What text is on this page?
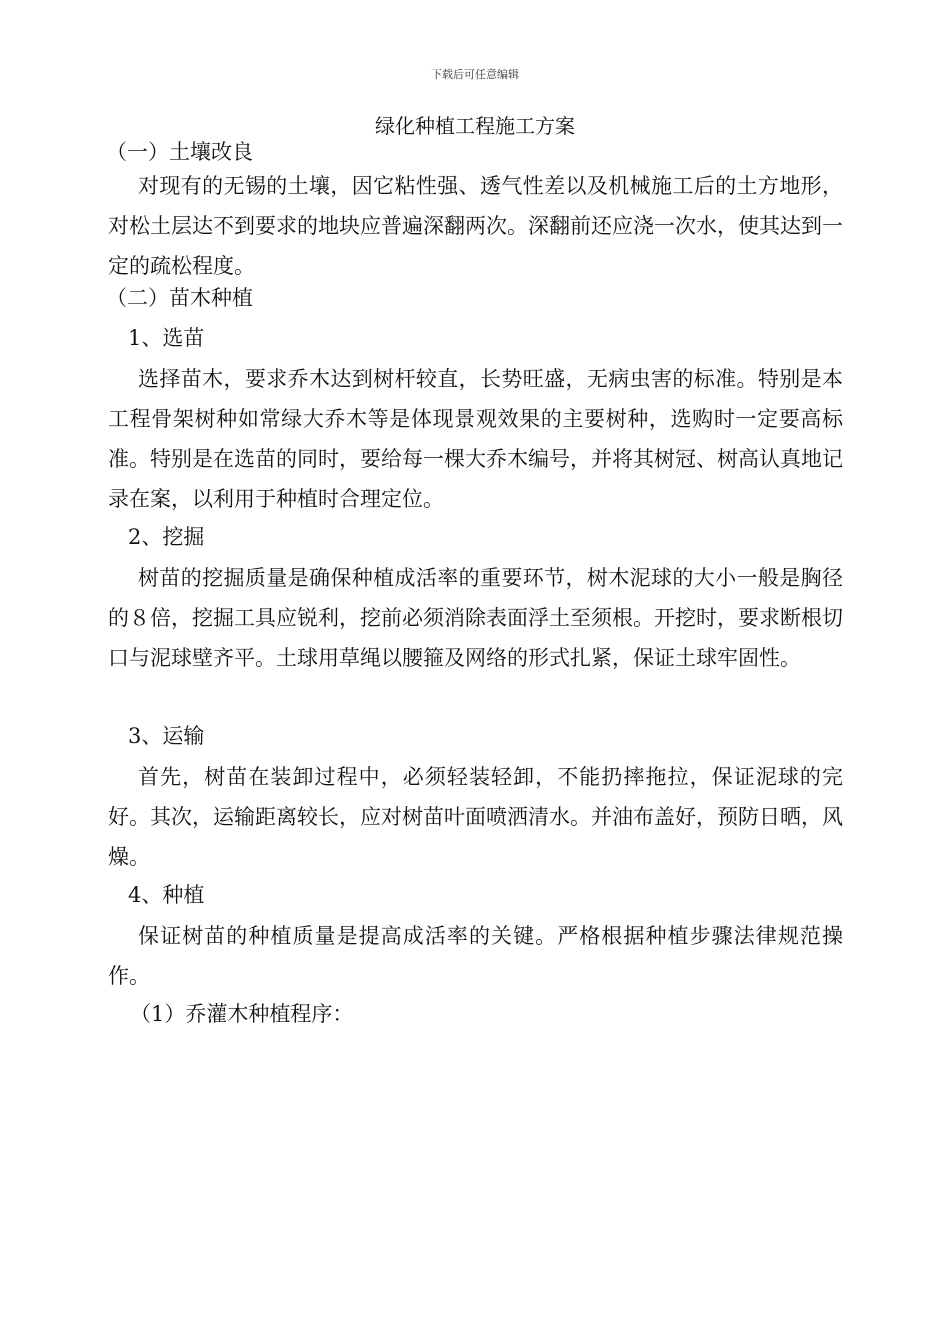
下载后可任意编辑
绿化种植工程施工方案
（一）土壤改良
对现有的无锡的土壤，因它粘性强、透气性差以及机械施工后的土方地形，对松土层达不到要求的地块应普遍深翻两次。深翻前还应浇一次水，使其达到一定的疏松程度。
（二）苗木种植
1、选苗
选择苗木，要求乔木达到树杆较直，长势旺盛，无病虫害的标准。特别是本工程骨架树种如常绿大乔木等是体现景观效果的主要树种，选购时一定要高标准。特别是在选苗的同时，要给每一棵大乔木编号，并将其树冠、树高认真地记录在案，以利用于种植时合理定位。
2、挖掘
树苗的挖掘质量是确保种植成活率的重要环节，树木泥球的大小一般是胸径的８倍，挖掘工具应锐利，挖前必须消除表面浮土至须根。开挖时，要求断根切口与泥球壁齐平。土球用草绳以腰箍及网络的形式扎紧，保证土球牢固性。
3、运输
首先，树苗在装卸过程中，必须轻装轻卸，不能扔摔拖拉，保证泥球的完好。其次，运输距离较长，应对树苗叶面喷洒清水。并油布盖好，预防日晒，风燥。
4、种植
保证树苗的种植质量是提高成活率的关键。严格根据种植步骤法律规范操作。
（1）乔灌木种植程序：
